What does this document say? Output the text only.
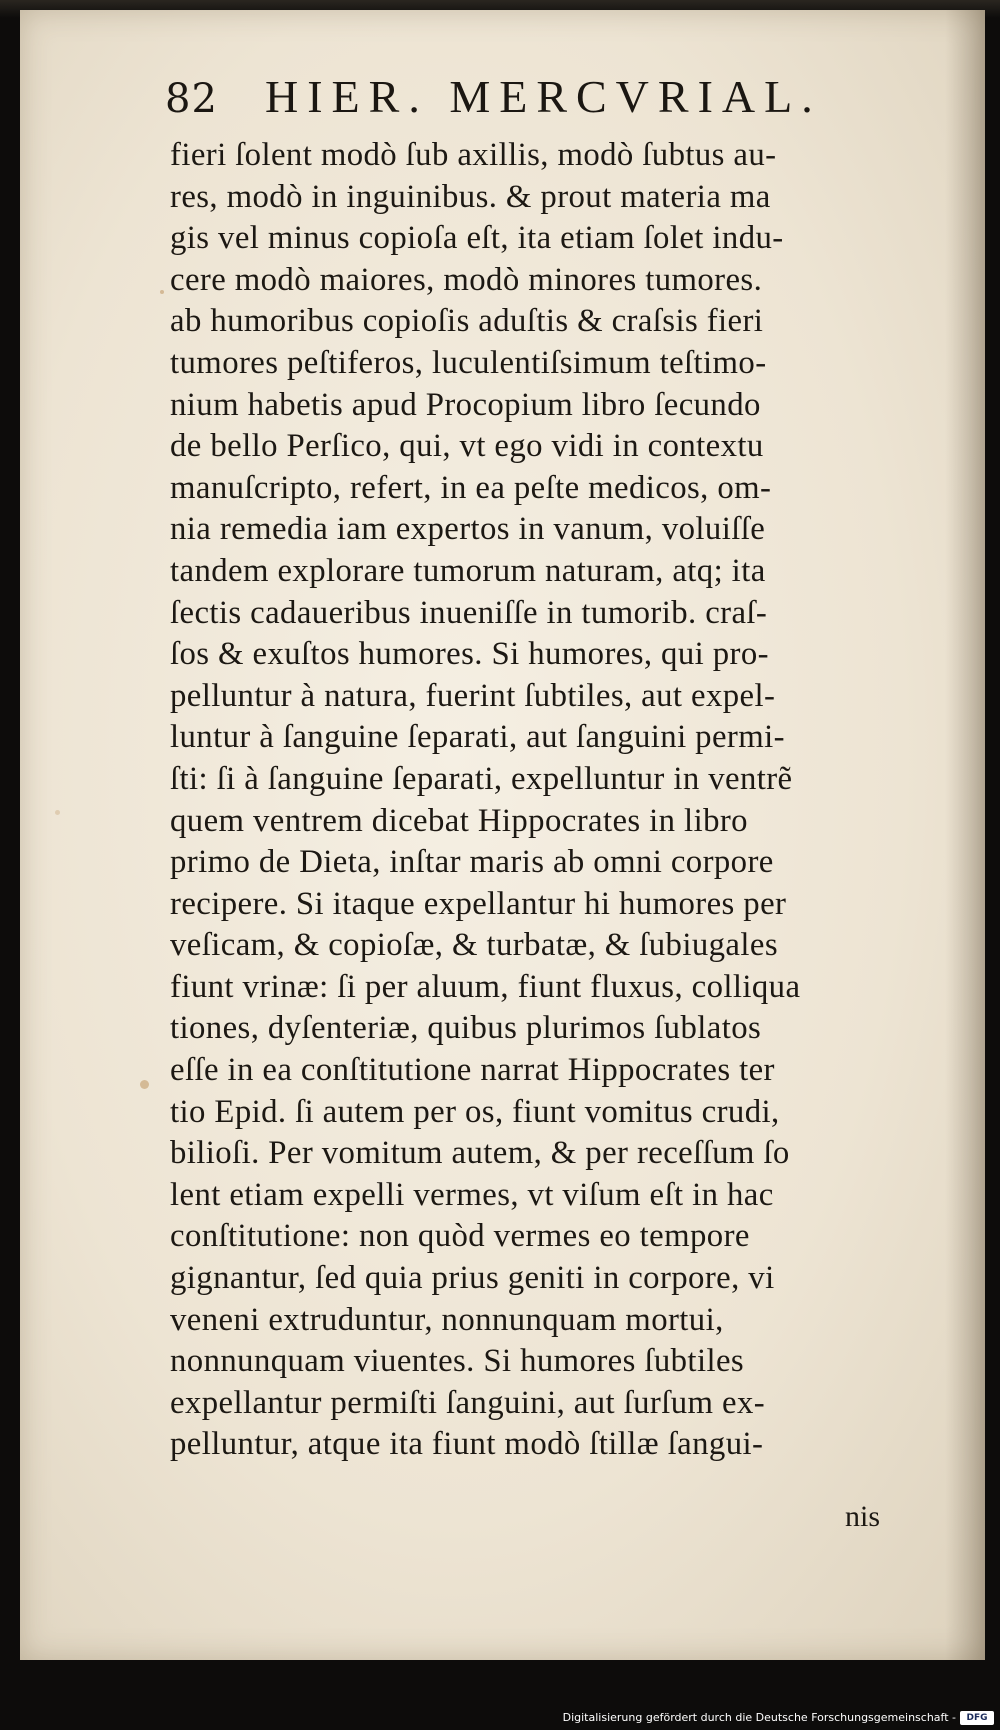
82 HIER. MERCVRIAL.
fieri ſolent modò ſub axillis, modò ſubtus au-
res, modò in inguinibus. & prout materia ma
gis vel minus copioſa eſt, ita etiam ſolet indu-
cere modò maiores, modò minores tumores.
ab humoribus copioſis aduſtis & craſsis fieri
tumores peſtiferos, luculentiſsimum teſtimo-
nium habetis apud Procopium libro ſecundo
de bello Perſico, qui, vt ego vidi in contextu
manuſcripto, refert, in ea peſte medicos, om-
nia remedia iam expertos in vanum, voluiſſe
tandem explorare tumorum naturam, atq; ita
ſectis cadaueribus inueniſſe in tumorib. craſ-
ſos & exuſtos humores. Si humores, qui pro-
pelluntur à natura, fuerint ſubtiles, aut expel-
luntur à ſanguine ſeparati, aut ſanguini permi-
ſti: ſi à ſanguine ſeparati, expelluntur in ventrẽ
quem ventrem dicebat Hippocrates in libro
primo de Dieta, inſtar maris ab omni corpore
recipere. Si itaque expellantur hi humores per
veſicam, & copioſæ, & turbatæ, & ſubiugales
fiunt vrinæ: ſi per aluum, fiunt fluxus, colliqua
tiones, dyſenteriæ, quibus plurimos ſublatos
eſſe in ea conſtitutione narrat Hippocrates ter
tio Epid. ſi autem per os, fiunt vomitus crudi,
bilioſi. Per vomitum autem, & per receſſum ſo
lent etiam expelli vermes, vt viſum eſt in hac
conſtitutione: non quòd vermes eo tempore
gignantur, ſed quia prius geniti in corpore, vi
veneni extruduntur, nonnunquam mortui,
nonnunquam viuentes. Si humores ſubtiles
expellantur permiſti ſanguini, aut ſurſum ex-
pelluntur, atque ita fiunt modò ſtillæ ſangui-
nis
Digitalisierung gefördert durch die Deutsche Forschungsgemeinschaft -	DFG
